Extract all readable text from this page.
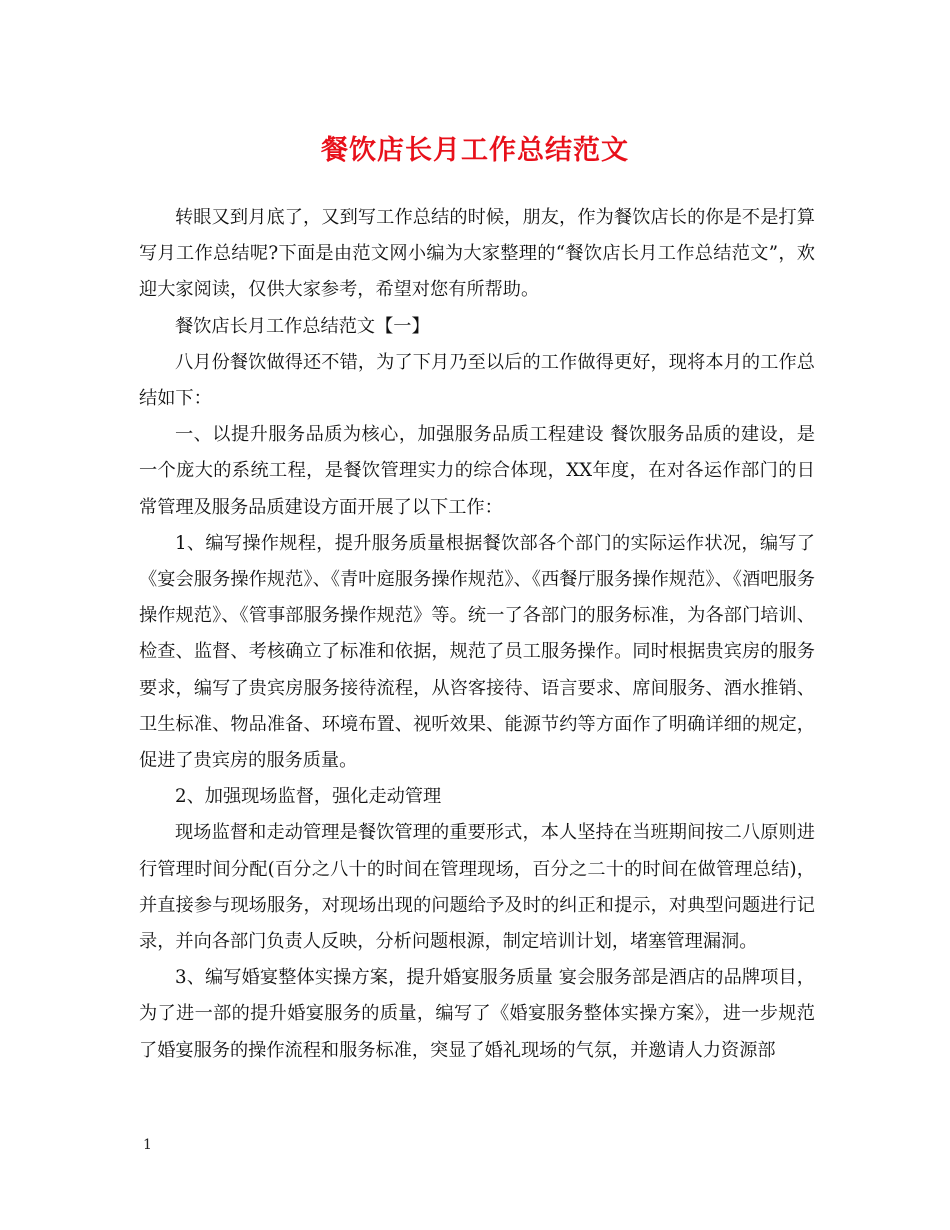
餐饮店长月工作总结范文

转眼又到月底了，又到写工作总结的时候，朋友，作为餐饮店长的你是不是打算写月工作总结呢?下面是由范文网小编为大家整理的“餐饮店长月工作总结范文”，欢迎大家阅读，仅供大家参考，希望对您有所帮助。

餐饮店长月工作总结范文【一】

八月份餐饮做得还不错，为了下月乃至以后的工作做得更好，现将本月的工作总结如下：

一、以提升服务品质为核心，加强服务品质工程建设 餐饮服务品质的建设，是一个庞大的系统工程，是餐饮管理实力的综合体现，XX年度，在对各运作部门的日常管理及服务品质建设方面开展了以下工作：

1、编写操作规程，提升服务质量根据餐饮部各个部门的实际运作状况，编写了《宴会服务操作规范》、《青叶庭服务操作规范》、《西餐厅服务操作规范》、《酒吧服务操作规范》、《管事部服务操作规范》等。统一了各部门的服务标准，为各部门培训、检查、监督、考核确立了标准和依据，规范了员工服务操作。同时根据贵宾房的服务要求，编写了贵宾房服务接待流程，从咨客接待、语言要求、席间服务、酒水推销、卫生标准、物品准备、环境布置、视听效果、能源节约等方面作了明确详细的规定，促进了贵宾房的服务质量。

2、加强现场监督，强化走动管理

现场监督和走动管理是餐饮管理的重要形式，本人坚持在当班期间按二八原则进行管理时间分配(百分之八十的时间在管理现场，百分之二十的时间在做管理总结)，并直接参与现场服务，对现场出现的问题给予及时的纠正和提示，对典型问题进行记录，并向各部门负责人反映，分析问题根源，制定培训计划，堵塞管理漏洞。

3、编写婚宴整体实操方案，提升婚宴服务质量 宴会服务部是酒店的品牌项目，为了进一部的提升婚宴服务的质量，编写了《婚宴服务整体实操方案》，进一步规范了婚宴服务的操作流程和服务标准，突显了婚礼现场的气氛，并邀请人力资源部

1
